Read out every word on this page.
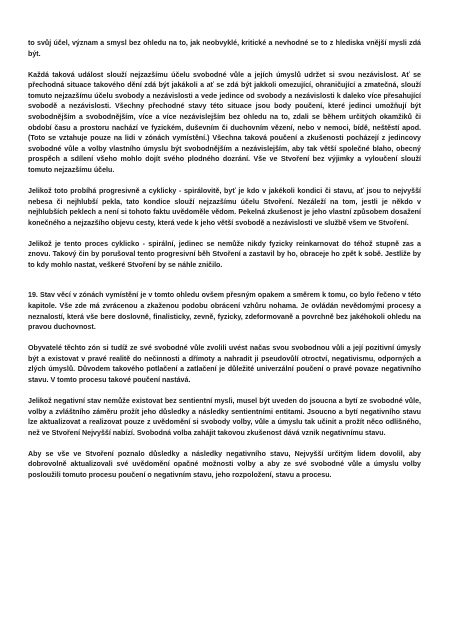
to svůj účel, význam a smysl bez ohledu na to, jak neobvyklé, kritické a nevhodné se to z hlediska vnější mysli zdá být.

Každá taková událost slouží nejzazšímu účelu svobodné vůle a jejích úmyslů udržet si svou nezávislost. Ať se přechodná situace takového dění zdá být jakákoli a ať se zdá být jakkoli omezující, ohraničující a zmatečná, slouží tomuto nejzazšímu účelu svobody a nezávislosti a vede jedince od svobody a nezávislosti k daleko více přesahující svobodě a nezávislosti. Všechny přechodné stavy této situace jsou body poučení, které jedinci umožňují být svobodnějším a svobodnějším, více a více nezávislejším bez ohledu na to, zdali se během určitých okamžiků či období času a prostoru nachází ve fyzickém, duševním či duchovním vězení, nebo v nemoci, bídě, neštěstí apod. (Toto se vztahuje pouze na lidi v zónách vymístění.) Všechna taková poučení a zkušenosti pocházejí z jedincovy svobodné vůle a volby vlastního úmyslu být svobodnějším a nezávislejším, aby tak větší společné blaho, obecný prospěch a sdílení všeho mohlo dojít svého plodného dozrání. Vše ve Stvoření bez výjimky a vyloučení slouží tomuto nejzazšímu účelu.

Jelikož toto probíhá progresivně a cyklicky - spirálovitě, byť je kdo v jakékoli kondici či stavu, ať jsou to nejvyšší nebesa či nejhlubší pekla, tato kondice slouží nejzazšímu účelu Stvoření. Nezáleží na tom, jestli je někdo v nejhlubších peklech a není si tohoto faktu uvědoměle vědom. Pekelná zkušenost je jeho vlastní způsobem dosažení konečného a nejzazšího objevu cesty, která vede k jeho větší svobodě a nezávislosti ve službě všem ve Stvoření.

Jelikož je tento proces cyklicko - spirální, jedinec se nemůže nikdy fyzicky reinkarnovat do téhož stupně zas a znovu. Takový čin by porušoval tento progresivní běh Stvoření a zastavil by ho, obraceje ho zpět k sobě. Jestliže by to kdy mohlo nastat, veškeré Stvoření by se náhle zničilo.

19. Stav věcí v zónách vymístění je v tomto ohledu ovšem přesným opakem a směrem k tomu, co bylo řečeno v této kapitole. Vše zde má zvrácenou a zkaženou podobu obrácení vzhůru nohama. Je ovládán nevědomými procesy a neznalostí, která vše bere doslovně, finalisticky, zevně, fyzicky, zdeformovaně a povrchně bez jakéhokoli ohledu na pravou duchovnost.

Obyvatelé těchto zón si tudíž ze své svobodné vůle zvolili uvést načas svou svobodnou vůli a její pozitivní úmysly být a existovat v pravé realitě do nečinnosti a dřímoty a nahradit ji pseudovůlí otroctví, negativismu, odporných a zlých úmyslů. Důvodem takového potlačení a zatlačení je důležité univerzální poučení o pravé povaze negativního stavu. V tomto procesu takové poučení nastává.

Jelikož negativní stav nemůže existovat bez sentientní mysli, musel být uveden do jsoucna a bytí ze svobodné vůle, volby a zvláštního záměru prožít jeho důsledky a následky sentientními entitami. Jsoucno a bytí negativního stavu lze aktualizovat a realizovat pouze z uvědomění si svobody volby, vůle a úmyslu tak učinit a prožít něco odlišného, než ve Stvoření Nejvyšší nabízí. Svobodná volba zahájit takovou zkušenost dává vznik negativnímu stavu.

Aby se vše ve Stvoření poznalo důsledky a následky negativního stavu, Nejvyšší určitým lidem dovolil, aby dobrovolně aktualizovali své uvědomění opačné možnosti volby a aby ze své svobodné vůle a úmyslu volby posloužili tomuto procesu poučení o negativním stavu, jeho rozpoložení, stavu a procesu.
